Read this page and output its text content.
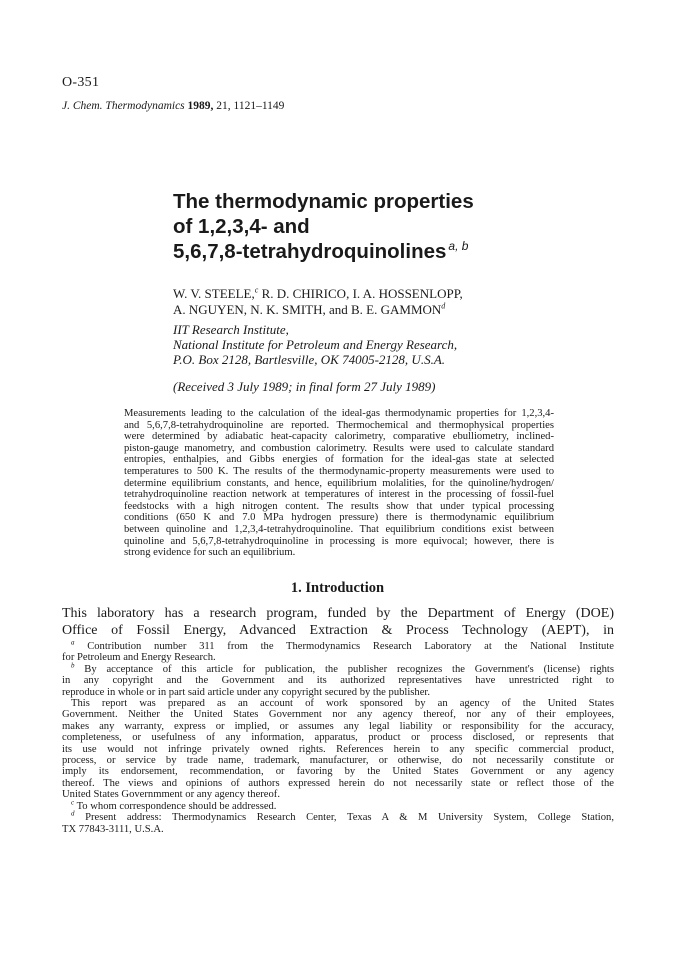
O-351
J. Chem. Thermodynamics 1989, 21, 1121–1149
The thermodynamic properties
of 1,2,3,4- and
5,6,7,8-tetrahydroquinolines $^{a, b}$
W. V. STEELE,$^c$ R. D. CHIRICO, I. A. HOSSENLOPP,
A. NGUYEN, N. K. SMITH, and B. E. GAMMON$^d$
IIT Research Institute,
National Institute for Petroleum and Energy Research,
P.O. Box 2128, Bartlesville, OK 74005-2128, U.S.A.
(Received 3 July 1989; in final form 27 July 1989)
Measurements leading to the calculation of the ideal-gas thermodynamic properties for 1,2,3,4-
and 5,6,7,8-tetrahydroquinoline are reported. Thermochemical and thermophysical properties
were determined by adiabatic heat-capacity calorimetry, comparative ebulliometry, inclined-
piston-gauge manometry, and combustion calorimetry. Results were used to calculate standard
entropies, enthalpies, and Gibbs energies of formation for the ideal-gas state at selected
temperatures to 500 K. The results of the thermodynamic-property measurements were used to
determine equilibrium constants, and hence, equilibrium molalities, for the quinoline/hydrogen/
tetrahydroquinoline reaction network at temperatures of interest in the processing of fossil-fuel
feedstocks with a high nitrogen content. The results show that under typical processing
conditions (650 K and 7.0 MPa hydrogen pressure) there is thermodynamic equilibrium
between quinoline and 1,2,3,4-tetrahydroquinoline. That equilibrium conditions exist between
quinoline and 5,6,7,8-tetrahydroquinoline in processing is more equivocal; however, there is
strong evidence for such an equilibrium.
1. Introduction
This laboratory has a research program, funded by the Department of Energy (DOE)
Office of Fossil Energy, Advanced Extraction & Process Technology (AEPT), in
$^a$ Contribution number 311 from the Thermodynamics Research Laboratory at the National Institute
for Petroleum and Energy Research.
$^b$ By acceptance of this article for publication, the publisher recognizes the Government's (license) rights
in any copyright and the Government and its authorized representatives have unrestricted right to
reproduce in whole or in part said article under any copyright secured by the publisher.
This report was prepared as an account of work sponsored by an agency of the United States
Government. Neither the United States Government nor any agency thereof, nor any of their employees,
makes any warranty, express or implied, or assumes any legal liability or responsibility for the accuracy,
completeness, or usefulness of any information, apparatus, product or process disclosed, or represents that
its use would not infringe privately owned rights. References herein to any specific commercial product,
process, or service by trade name, trademark, manufacturer, or otherwise, do not necessarily constitute or
imply its endorsement, recommendation, or favoring by the United States Government or any agency
thereof. The views and opinions of authors expressed herein do not necessarily state or reflect those of the
United States Governmment or any agency thereof.
$^c$ To whom correspondence should be addressed.
$^d$ Present address: Thermodynamics Research Center, Texas A & M University System, College Station,
TX 77843-3111, U.S.A.
